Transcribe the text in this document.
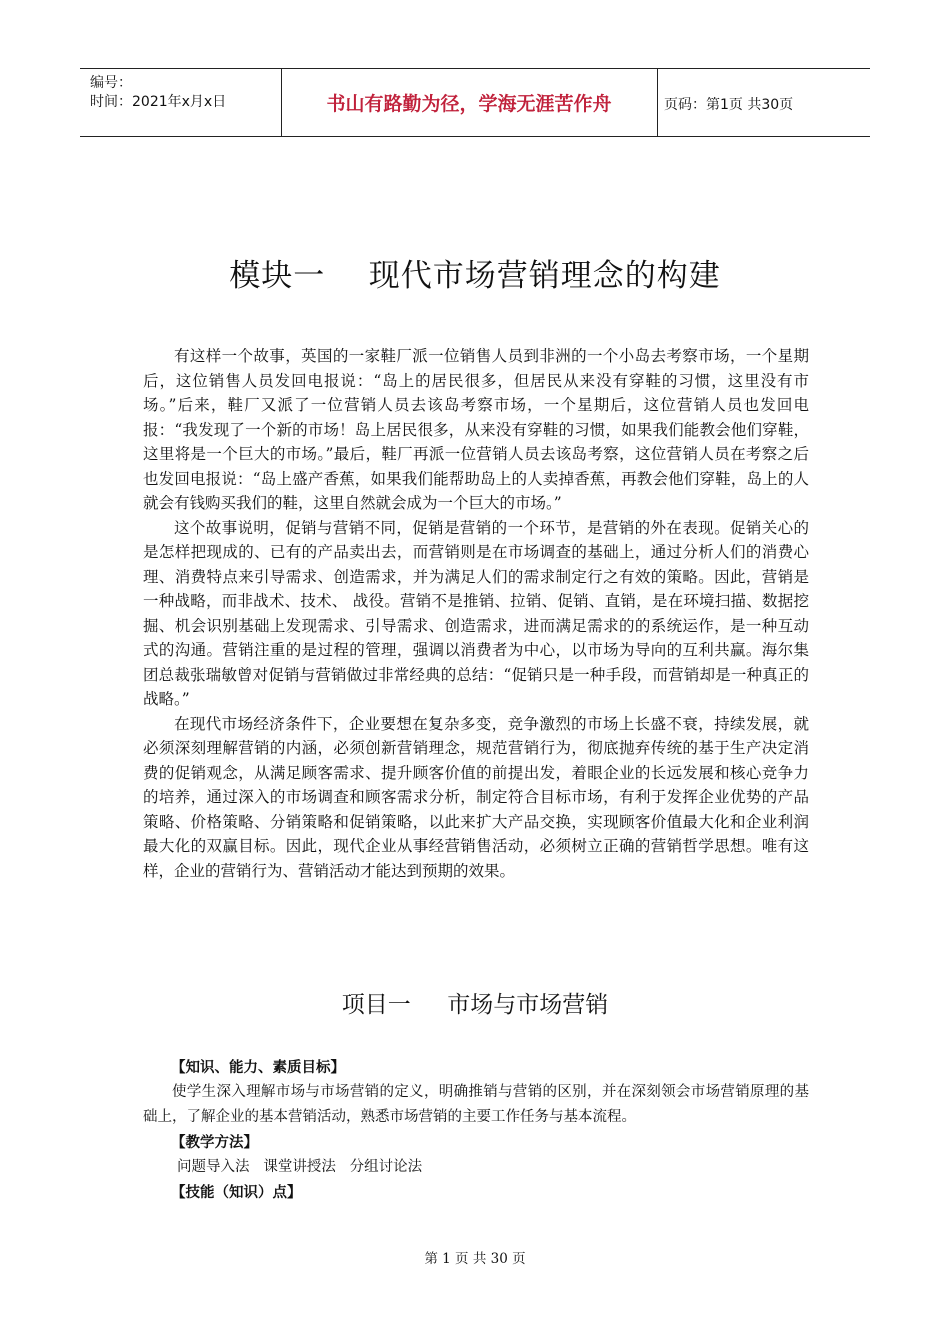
编号：
时间：2021年x月x日	书山有路勤为径，学海无涯苦作舟	页码：第1页 共30页
模块一    现代市场营销理念的构建

有这样一个故事，英国的一家鞋厂派一位销售人员到非洲的一个小岛去考察市场，一个星期后，这位销售人员发回电报说：“岛上的居民很多，但居民从来没有穿鞋的习惯，这里没有市场。”后来，鞋厂又派了一位营销人员去该岛考察市场，一个星期后，这位营销人员也发回电报：“我发现了一个新的市场！岛上居民很多，从来没有穿鞋的习惯，如果我们能教会他们穿鞋，这里将是一个巨大的市场。”最后，鞋厂再派一位营销人员去该岛考察，这位营销人员在考察之后也发回电报说：“岛上盛产香蕉，如果我们能帮助岛上的人卖掉香蕉，再教会他们穿鞋，岛上的人就会有钱购买我们的鞋，这里自然就会成为一个巨大的市场。”

这个故事说明，促销与营销不同，促销是营销的一个环节，是营销的外在表现。促销关心的是怎样把现成的、已有的产品卖出去，而营销则是在市场调查的基础上，通过分析人们的消费心理、消费特点来引导需求、创造需求，并为满足人们的需求制定行之有效的策略。因此，营销是一种战略，而非战术、技术、 战役。营销不是推销、拉销、促销、直销，是在环境扫描、数据挖掘、机会识别基础上发现需求、引导需求、创造需求，进而满足需求的的系统运作，是一种互动式的沟通。营销注重的是过程的管理，强调以消费者为中心，以市场为导向的互利共赢。海尔集团总裁张瑞敏曾对促销与营销做过非常经典的总结：“促销只是一种手段，而营销却是一种真正的战略。”

在现代市场经济条件下，企业要想在复杂多变，竞争激烈的市场上长盛不衰，持续发展，就必须深刻理解营销的内涵，必须创新营销理念，规范营销行为，彻底抛弃传统的基于生产决定消费的促销观念，从满足顾客需求、提升顾客价值的前提出发，着眼企业的长远发展和核心竞争力的培养，通过深入的市场调查和顾客需求分析，制定符合目标市场，有利于发挥企业优势的产品策略、价格策略、分销策略和促销策略，以此来扩大产品交换，实现顾客价值最大化和企业利润最大化的双赢目标。因此，现代企业从事经营销售活动，必须树立正确的营销哲学思想。唯有这样，企业的营销行为、营销活动才能达到预期的效果。

项目一     市场与市场营销
【知识、能力、素质目标】

使学生深入理解市场与市场营销的定义，明确推销与营销的区别，并在深刻领会市场营销原理的基础上，了解企业的基本营销活动，熟悉市场营销的主要工作任务与基本流程。

【教学方法】
问题导入法   课堂讲授法   分组讨论法
【技能（知识）点】
第 1 页 共 30 页
